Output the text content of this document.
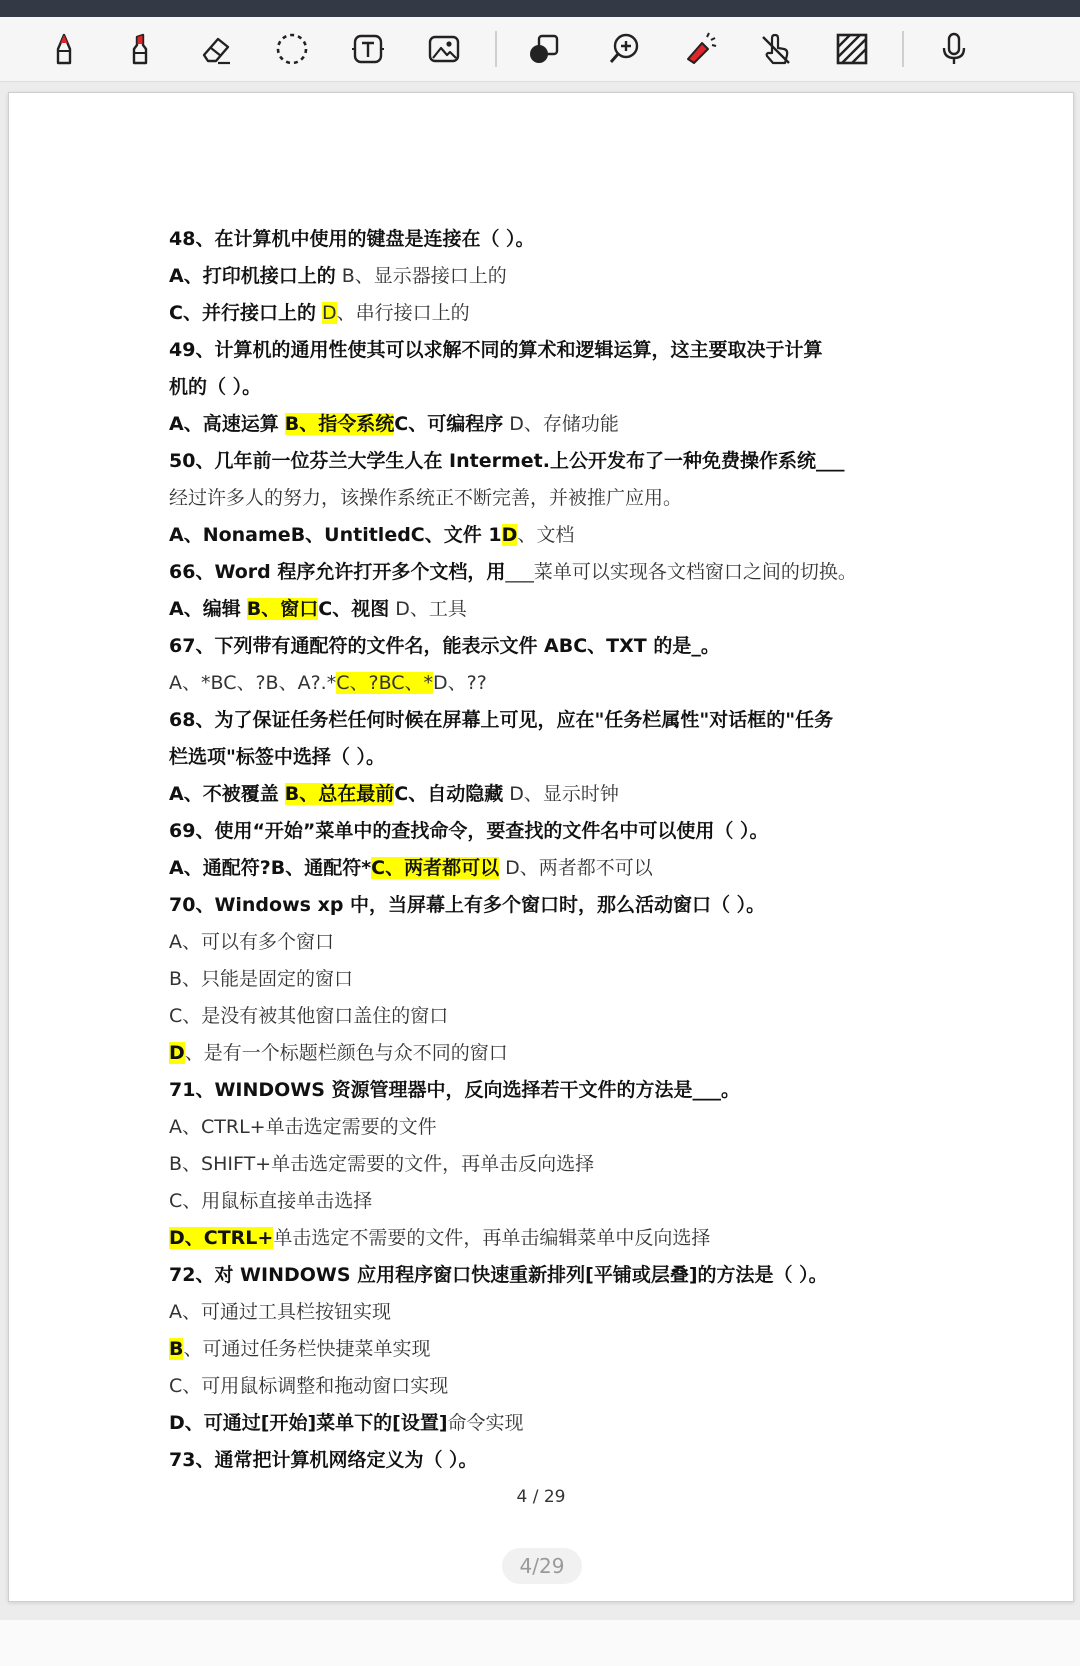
48、在计算机中使用的键盘是连接在（ ）。
A、打印机接口上的 B、显示器接口上的
C、并行接口上的 D、串行接口上的
49、计算机的通用性使其可以求解不同的算术和逻辑运算，这主要取决于计算
机的（ ）。
A、高速运算 B、指令系统C、可编程序 D、存储功能
50、几年前一位芬兰大学生人在 Intermet.上公开发布了一种免费操作系统___
经过许多人的努力，该操作系统正不断完善，并被推广应用。
A、NonameB、UntitledC、文件 1D、文档
66、Word 程序允许打开多个文档，用___菜单可以实现各文档窗口之间的切换。
A、编辑 B、窗口C、视图 D、工具
67、下列带有通配符的文件名，能表示文件 ABC、TXT 的是_。
A、*BC、?B、A?.*C、?BC、*D、??
68、为了保证任务栏任何时候在屏幕上可见，应在"任务栏属性"对话框的"任务
栏选项"标签中选择（ ）。
A、不被覆盖 B、总在最前C、自动隐藏 D、显示时钟
69、使用“开始”菜单中的查找命令，要查找的文件名中可以使用（ ）。
A、通配符?B、通配符*C、两者都可以 D、两者都不可以
70、Windows xp 中，当屏幕上有多个窗口时，那么活动窗口（ ）。
A、可以有多个窗口
B、只能是固定的窗口
C、是没有被其他窗口盖住的窗口
D、是有一个标题栏颜色与众不同的窗口
71、WINDOWS 资源管理器中，反向选择若干文件的方法是___。
A、CTRL+单击选定需要的文件
B、SHIFT+单击选定需要的文件，再单击反向选择
C、用鼠标直接单击选择
D、CTRL+单击选定不需要的文件，再单击编辑菜单中反向选择
72、对 WINDOWS 应用程序窗口快速重新排列[平铺或层叠]的方法是（ ）。
A、可通过工具栏按钮实现
B、可通过任务栏快捷菜单实现
C、可用鼠标调整和拖动窗口实现
D、可通过[开始]菜单下的[设置]命令实现
73、通常把计算机网络定义为（ ）。
4 / 29
4/29
